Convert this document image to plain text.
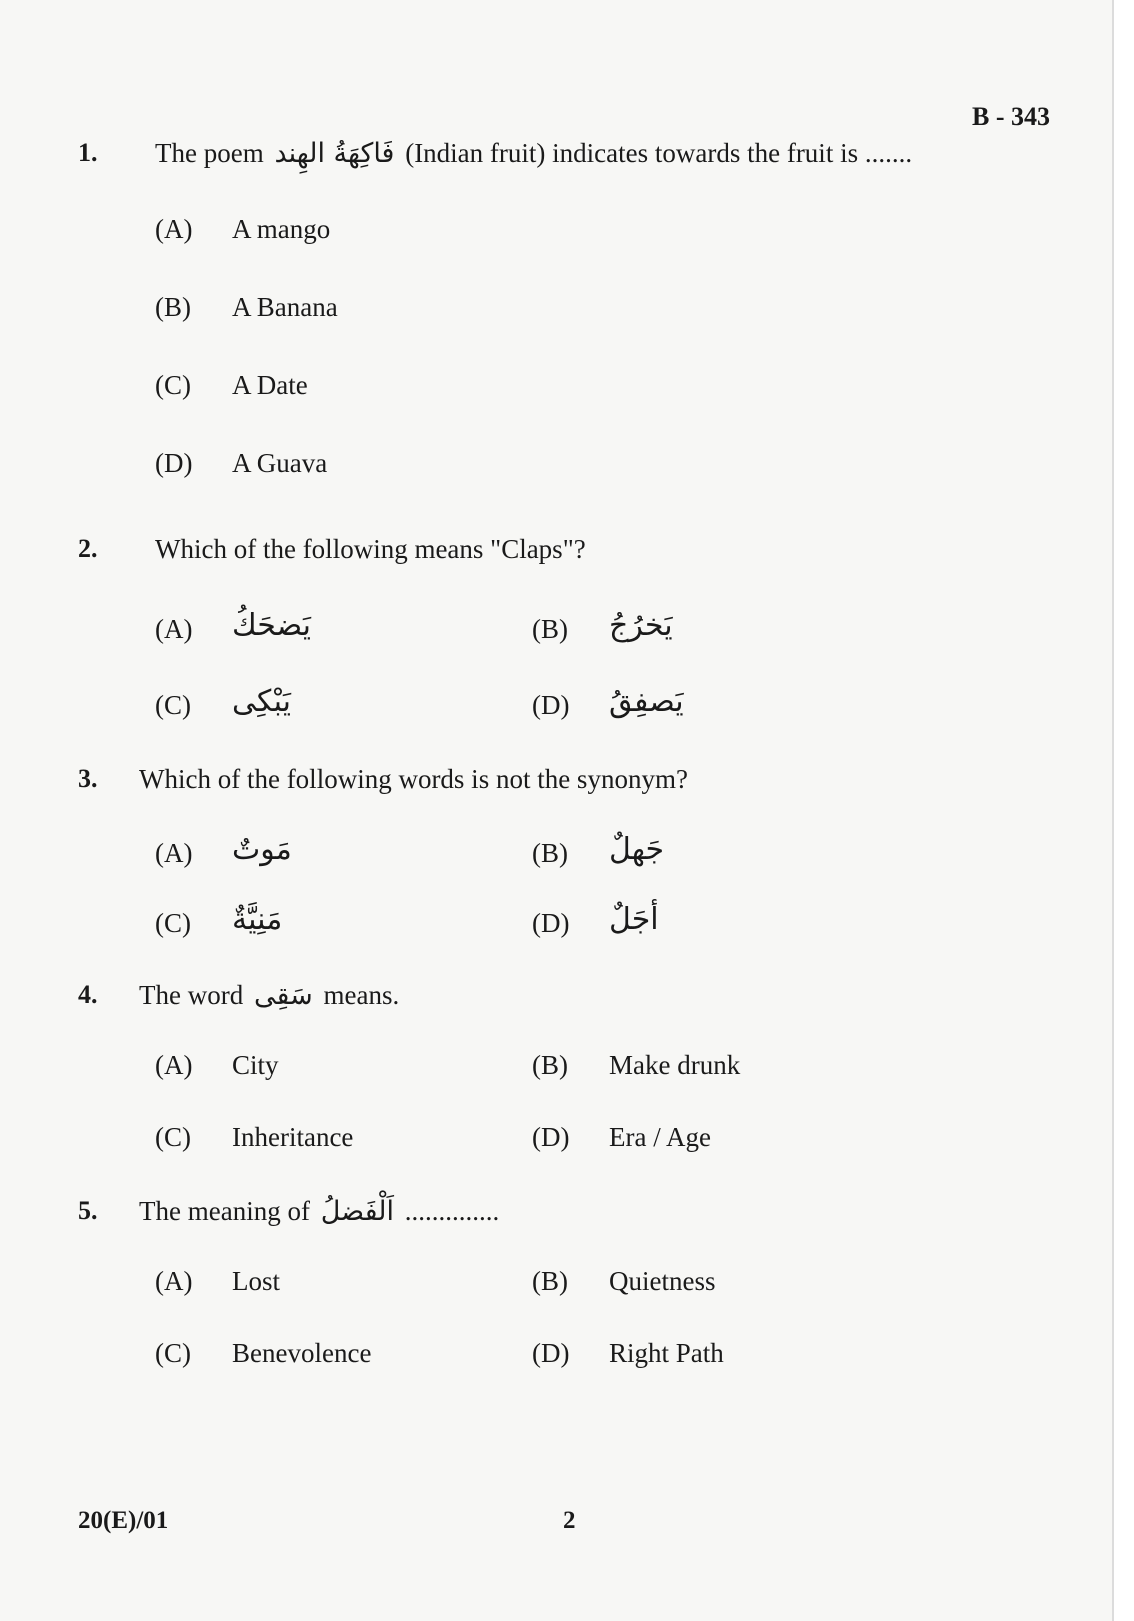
B - 343
1. The poem فَاكِهَةُ الهِند (Indian fruit) indicates towards the fruit is .......
(A)	A mango
(B)	A Banana
(C)	A Date
(D)	A Guava
2. Which of the following means "Claps"?
(A)	يَضحَكُ	(B)	يَخرُجُ
(C)	يَبْكِى	(D)	يَصفِقُ
3. Which of the following words is not the synonym?
(A)	مَوتٌ	(B)	جَهلٌ
(C)	مَنِيَّةٌ	(D)	أجَلٌ
4. The word سَقِى means.
(A)	City	(B)	Make drunk
(C)	Inheritance	(D)	Era / Age
5. The meaning of اَلْفَضلُ ..............
(A)	Lost	(B)	Quietness
(C)	Benevolence	(D)	Right Path
20(E)/01	2
